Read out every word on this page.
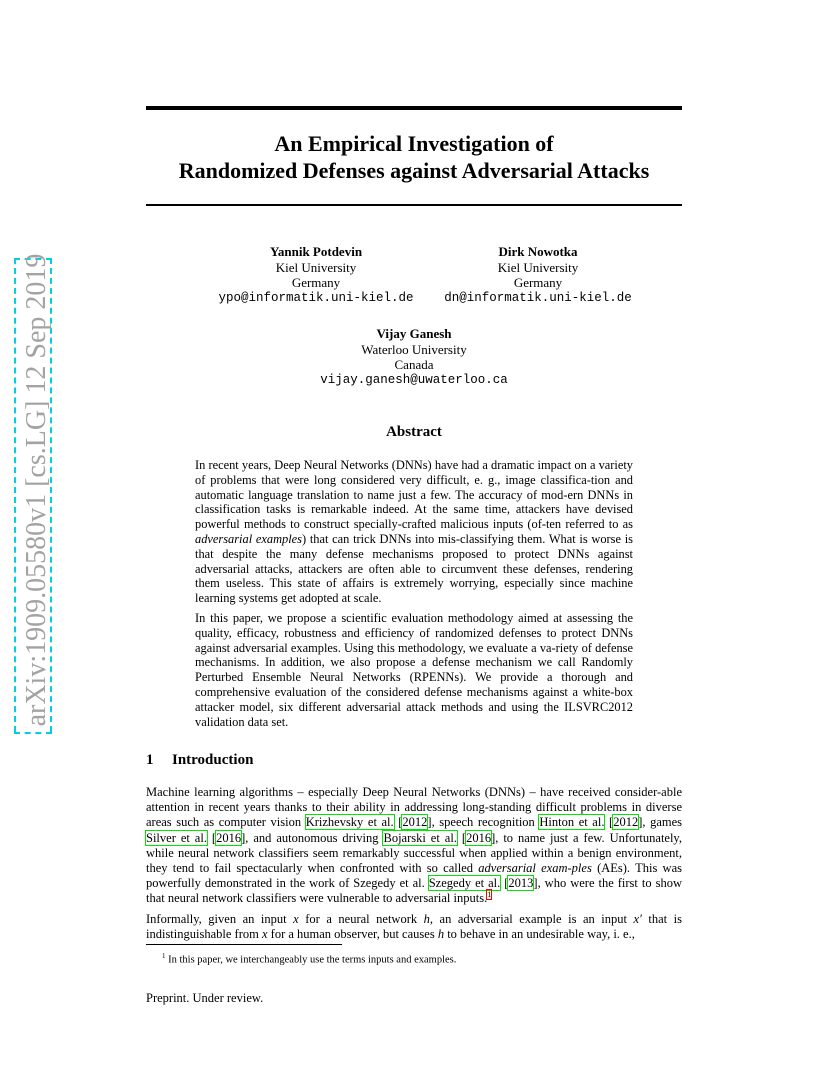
arXiv:1909.05580v1 [cs.LG] 12 Sep 2019
An Empirical Investigation of
Randomized Defenses against Adversarial Attacks
Yannik Potdevin
Kiel University
Germany
ypo@informatik.uni-kiel.de
Dirk Nowotka
Kiel University
Germany
dn@informatik.uni-kiel.de
Vijay Ganesh
Waterloo University
Canada
vijay.ganesh@uwaterloo.ca
Abstract

In recent years, Deep Neural Networks (DNNs) have had a dramatic impact on a variety of problems that were long considered very difficult, e. g., image classifica-tion and automatic language translation to name just a few. The accuracy of mod-ern DNNs in classification tasks is remarkable indeed. At the same time, attackers have devised powerful methods to construct specially-crafted malicious inputs (of-ten referred to as adversarial examples) that can trick DNNs into mis-classifying them. What is worse is that despite the many defense mechanisms proposed to protect DNNs against adversarial attacks, attackers are often able to circumvent these defenses, rendering them useless. This state of affairs is extremely worrying, especially since machine learning systems get adopted at scale.

In this paper, we propose a scientific evaluation methodology aimed at assessing the quality, efficacy, robustness and efficiency of randomized defenses to protect DNNs against adversarial examples. Using this methodology, we evaluate a va-riety of defense mechanisms. In addition, we also propose a defense mechanism we call Randomly Perturbed Ensemble Neural Networks (RPENNs). We provide a thorough and comprehensive evaluation of the considered defense mechanisms against a white-box attacker model, six different adversarial attack methods and using the ILSVRC2012 validation data set.

1 Introduction

Machine learning algorithms – especially Deep Neural Networks (DNNs) – have received consider-able attention in recent years thanks to their ability in addressing long-standing difficult problems in diverse areas such as computer vision Krizhevsky et al. [2012], speech recognition Hinton et al. [2012], games Silver et al. [2016], and autonomous driving Bojarski et al. [2016], to name just a few. Unfortunately, while neural network classifiers seem remarkably successful when applied within a benign environment, they tend to fail spectacularly when confronted with so called adversarial exam-ples (AEs). This was powerfully demonstrated in the work of Szegedy et al. Szegedy et al. [2013], who were the first to show that neural network classifiers were vulnerable to adversarial inputs.$^1$

Informally, given an input x for a neural network h, an adversarial example is an input x′ that is indistinguishable from x for a human observer, but causes h to behave in an undesirable way, i. e.,

$^1$ In this paper, we interchangeably use the terms inputs and examples.
Preprint. Under review.
